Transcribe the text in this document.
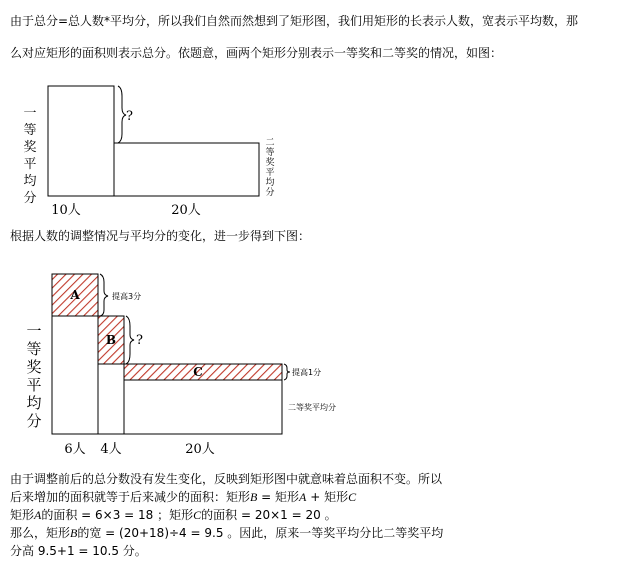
由于总分=总人数*平均分，所以我们自然而然想到了矩形图，我们用矩形的长表示人数，宽表示平均数，那

么对应矩形的面积则表示总分。依题意，画两个矩形分别表示一等奖和二等奖的情况，如图：

一
等
奖
平
均
分
二
等
奖
平
均
分
?
10人	20人
A
B
C
提高3分
?
提高1分
二等奖平均分
一
等
奖
平
均
分
6人 4人	20人

根据人数的调整情况与平均分的变化，进一步得到下图：

由于调整前后的总分数没有发生变化，反映到矩形图中就意味着总面积不变。所以

后来增加的面积就等于后来减少的面积：矩形B = 矩形A + 矩形C

矩形A的面积 = 6×3 = 18 ；矩形C的面积 = 20×1 = 20 。

那么，矩形B的宽 = (20+18)÷4 = 9.5 。因此，原来一等奖平均分比二等奖平均

分高 9.5+1 = 10.5 分。
